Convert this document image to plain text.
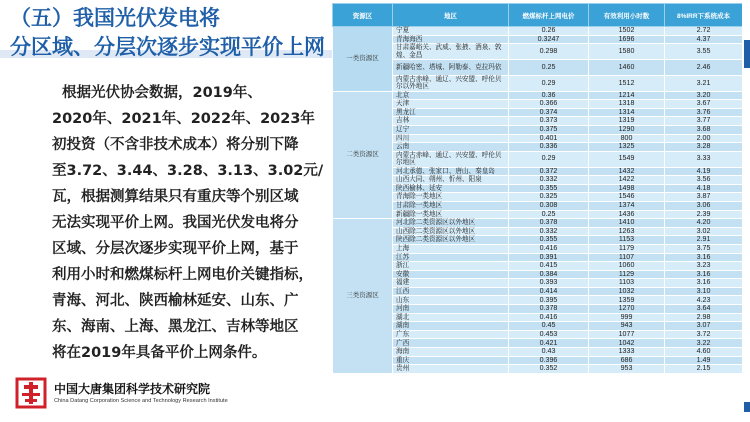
（五）我国光伏发电将
分区域、分层次逐步实现平价上网
根据光伏协会数据，2019年、
2020年、2021年、2022年、2023年
初投资（不含非技术成本）将分别下降
至3.72、3.44、3.28、3.13、3.02元/
瓦，根据测算结果只有重庆等个别区域
无法实现平价上网。我国光伏发电将分
区域、分层次逐步实现平价上网，基于
利用小时和燃煤标杆上网电价关键指标，
青海、河北、陕西榆林延安、山东、广
东、海南、上海、黑龙江、吉林等地区
将在2019年具备平价上网条件。
中国大唐集团科学技术研究院
China Datang Corporation Science and Technology Research Institute
资源区	地区	燃煤标杆上网电价	有效利用小时数	8%IRR下系统成本
一类资源区	宁夏	0.26	1502	2.72
	青海海西	0.3247	1696	4.37
	甘肃嘉峪关、武威、张掖、酒泉、敦煌、金昌	0.298	1580	3.55
	新疆哈密、塔城、阿勒泰、克拉玛依	0.25	1460	2.46
	内蒙古赤峰、通辽、兴安盟、呼伦贝尔以外地区	0.29	1512	3.21
二类资源区	北京	0.36	1214	3.20
	天津	0.366	1318	3.67
	黑龙江	0.374	1314	3.76
	吉林	0.373	1319	3.77
	辽宁	0.375	1290	3.68
	四川	0.401	800	2.00
	云南	0.336	1325	3.28
	内蒙古赤峰、通辽、兴安盟、呼伦贝尔地区	0.29	1549	3.33
	河北承德、张家口、唐山、秦皇岛	0.372	1432	4.19
	山西大同、朔州、忻州、阳泉	0.332	1422	3.56
	陕西榆林、延安	0.355	1498	4.18
	青海除一类地区	0.325	1546	3.87
	甘肃除一类地区	0.308	1374	3.06
	新疆除一类地区	0.25	1436	2.39
三类资源区	河北除二类资源区以外地区	0.378	1410	4.20
	山西除二类资源区以外地区	0.332	1263	3.02
	陕西除二类资源区以外地区	0.355	1153	2.91
	上海	0.416	1179	3.75
	江苏	0.391	1107	3.16
	浙江	0.415	1060	3.23
	安徽	0.384	1129	3.16
	福建	0.393	1103	3.16
	江西	0.414	1032	3.10
	山东	0.395	1359	4.23
	河南	0.378	1270	3.64
	湖北	0.416	999	2.98
	湖南	0.45	943	3.07
	广东	0.453	1077	3.72
	广西	0.421	1042	3.22
	海南	0.43	1333	4.60
	重庆	0.396	686	1.49
	贵州	0.352	953	2.15
